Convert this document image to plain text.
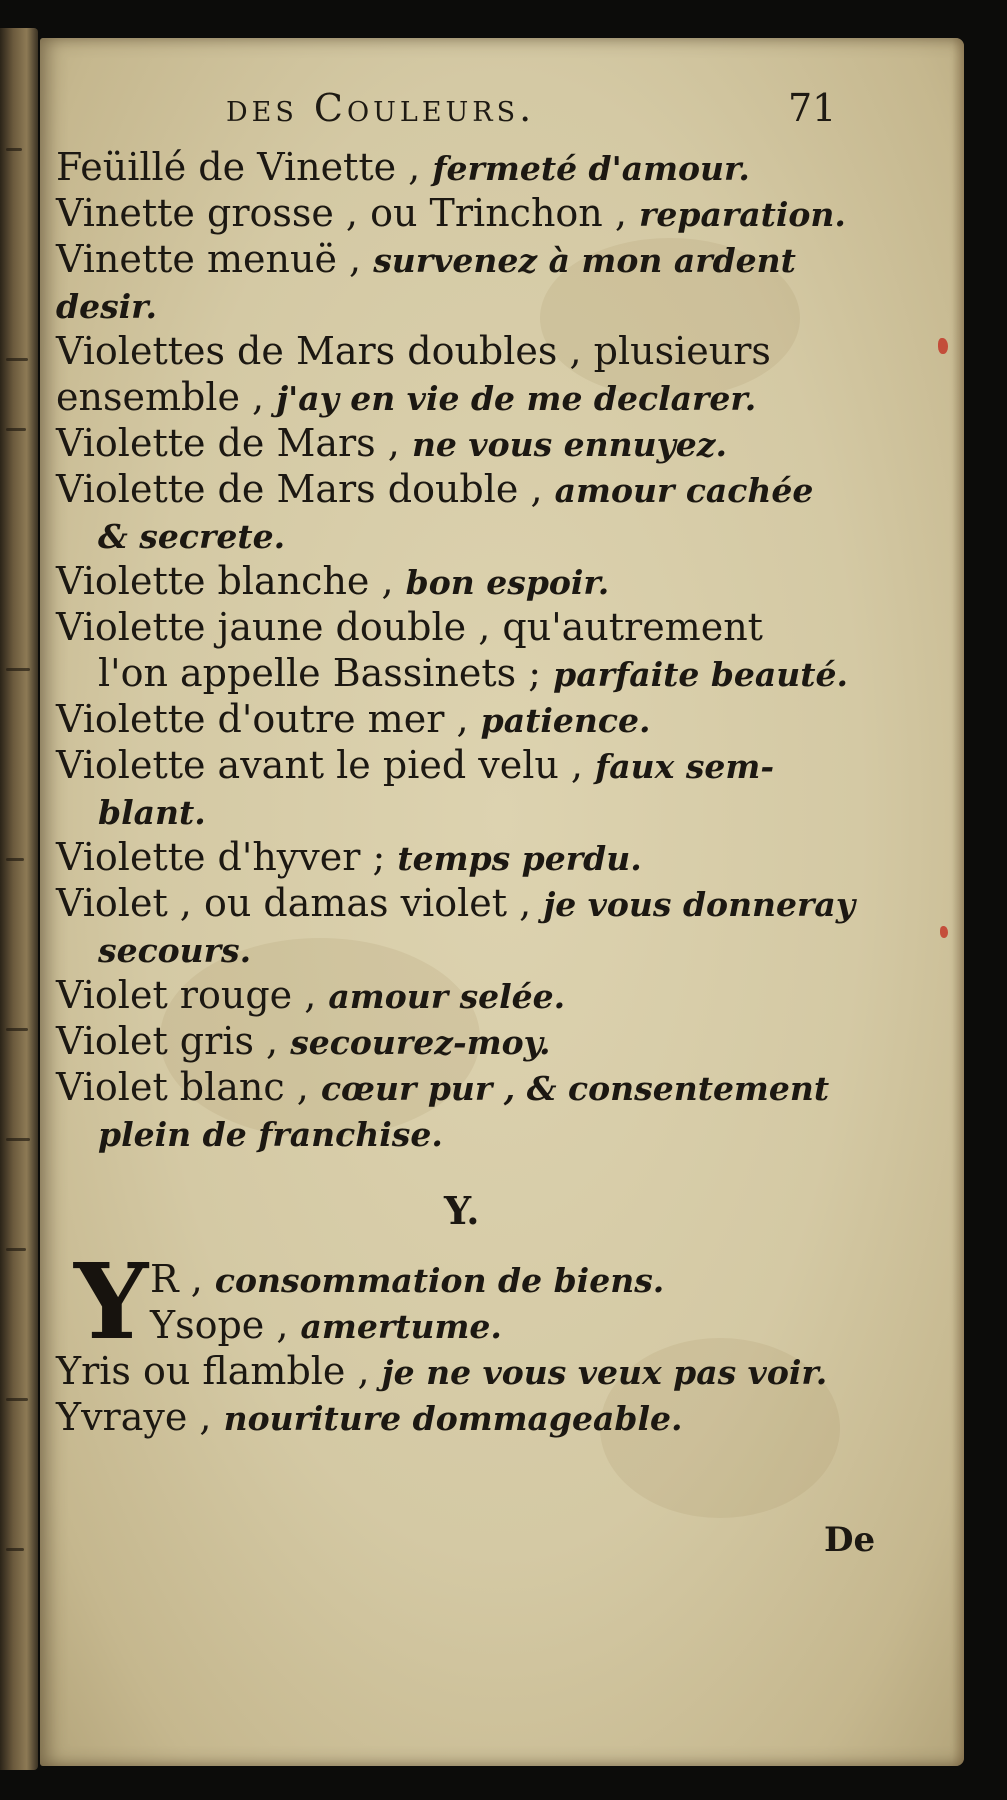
des Couleurs.	71
Feüillé de Vinette , fermeté d'amour.
Vinette grosse , ou Trinchon , reparation.
Vinette menuë , survenez à mon ardent
desir.
Violettes de Mars doubles , plusieurs
ensemble , j'ay en vie de me declarer.
Violette de Mars , ne vous ennuyez.
Violette de Mars double , amour cachée
& secrete.
Violette blanche , bon espoir.
Violette jaune double , qu'autrement
l'on appelle Bassinets ; parfaite beauté.
Violette d'outre mer , patience.
Violette avant le pied velu , faux sem-
blant.
Violette d'hyver ; temps perdu.
Violet , ou damas violet , je vous donneray
secours.
Violet rouge , amour selée.
Violet gris , secourez-moy.
Violet blanc , cœur pur , & consentement
plein de franchise.
Y.
Y R , consommation de biens.
Ysope , amertume.
Yris ou flamble , je ne vous veux pas voir.
Yvraye , nouriture dommageable.
De
